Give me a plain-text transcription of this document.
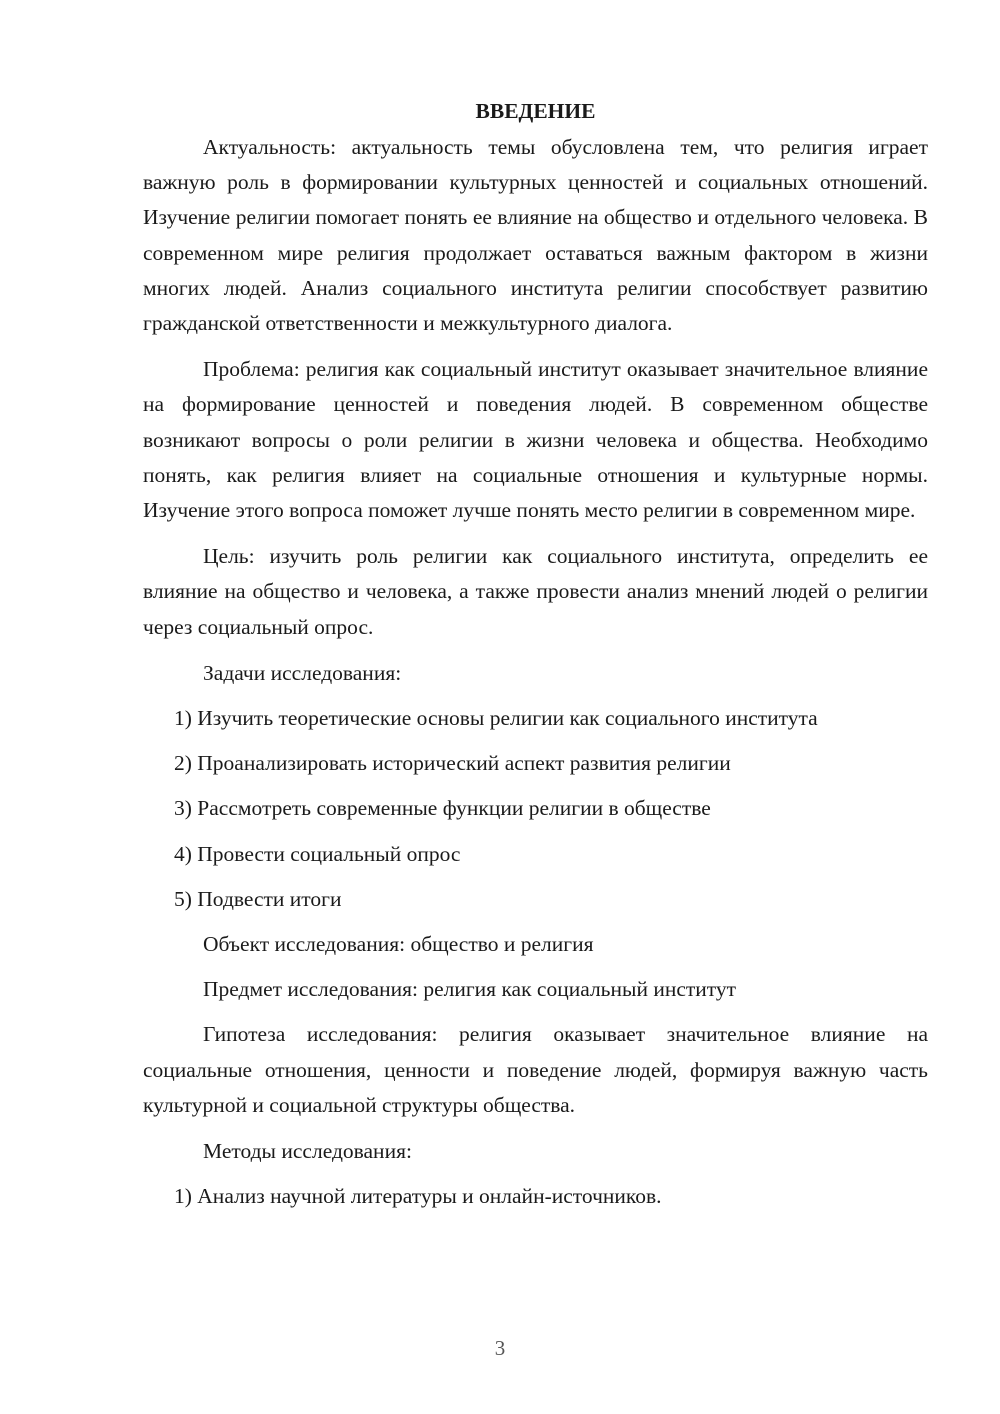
ВВЕДЕНИЕ

Актуальность: актуальность темы обусловлена тем, что религия играет важную роль в формировании культурных ценностей и социальных отношений. Изучение религии помогает понять ее влияние на общество и отдельного человека. В современном мире религия продолжает оставаться важным фактором в жизни многих людей. Анализ социального института религии способствует развитию гражданской ответственности и межкультурного диалога.

Проблема: религия как социальный институт оказывает значительное влияние на формирование ценностей и поведения людей. В современном обществе возникают вопросы о роли религии в жизни человека и общества. Необходимо понять, как религия влияет на социальные отношения и культурные нормы. Изучение этого вопроса поможет лучше понять место религии в современном мире.

Цель: изучить роль религии как социального института, определить ее влияние на общество и человека, а также провести анализ мнений людей о религии через социальный опрос.

Задачи исследования:

1) Изучить теоретические основы религии как социального института

2) Проанализировать исторический аспект развития религии

3) Рассмотреть современные функции религии в обществе

4) Провести социальный опрос

5) Подвести итоги

Объект исследования: общество и религия

Предмет исследования: религия как социальный институт

Гипотеза исследования: религия оказывает значительное влияние на социальные отношения, ценности и поведение людей, формируя важную часть культурной и социальной структуры общества.

Методы исследования:

1) Анализ научной литературы и онлайн-источников.

3
